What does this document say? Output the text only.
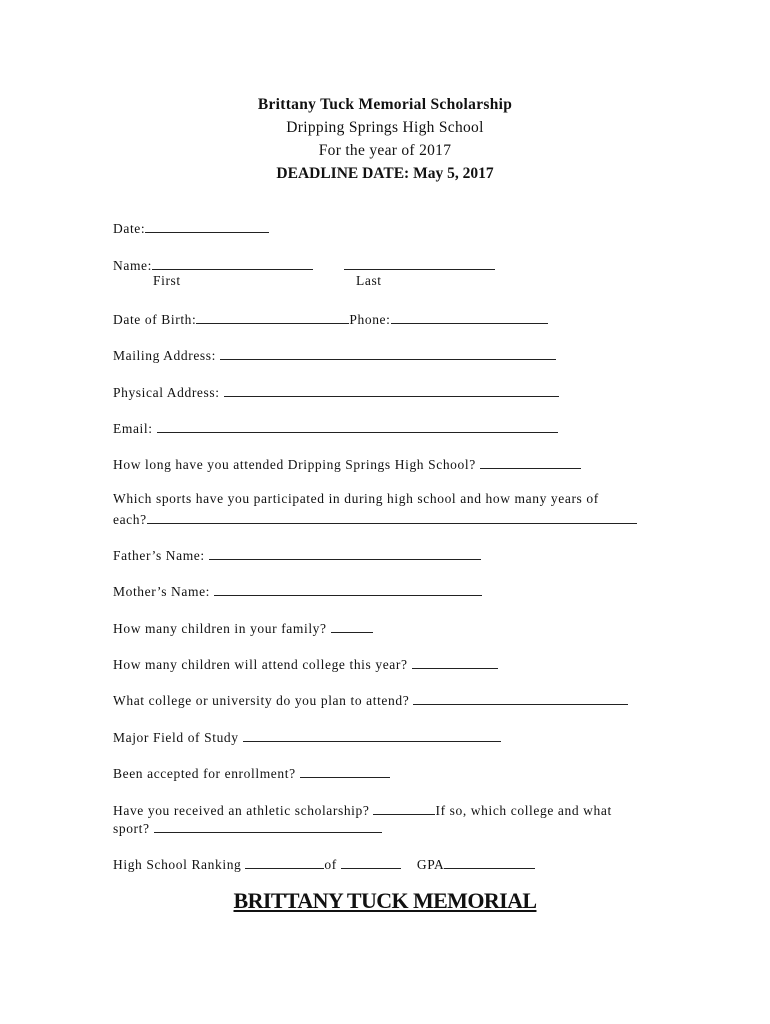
Brittany Tuck Memorial Scholarship
Dripping Springs High School
For the year of 2017
DEADLINE DATE: May 5, 2017
Date:
Name:
First	Last
Date of Birth:	Phone:
Mailing Address:
Physical Address:
Email:
How long have you attended Dripping Springs High School?
Which sports have you participated in during high school and how many years of
each?
Father’s Name:
Mother’s Name:
How many children in your family?
How many children will attend college this year?
What college or university do you plan to attend?
Major Field of Study
Been accepted for enrollment?
Have you received an athletic scholarship?	If so, which college and what
sport?
High School Ranking	of	GPA
BRITTANY TUCK MEMORIAL
